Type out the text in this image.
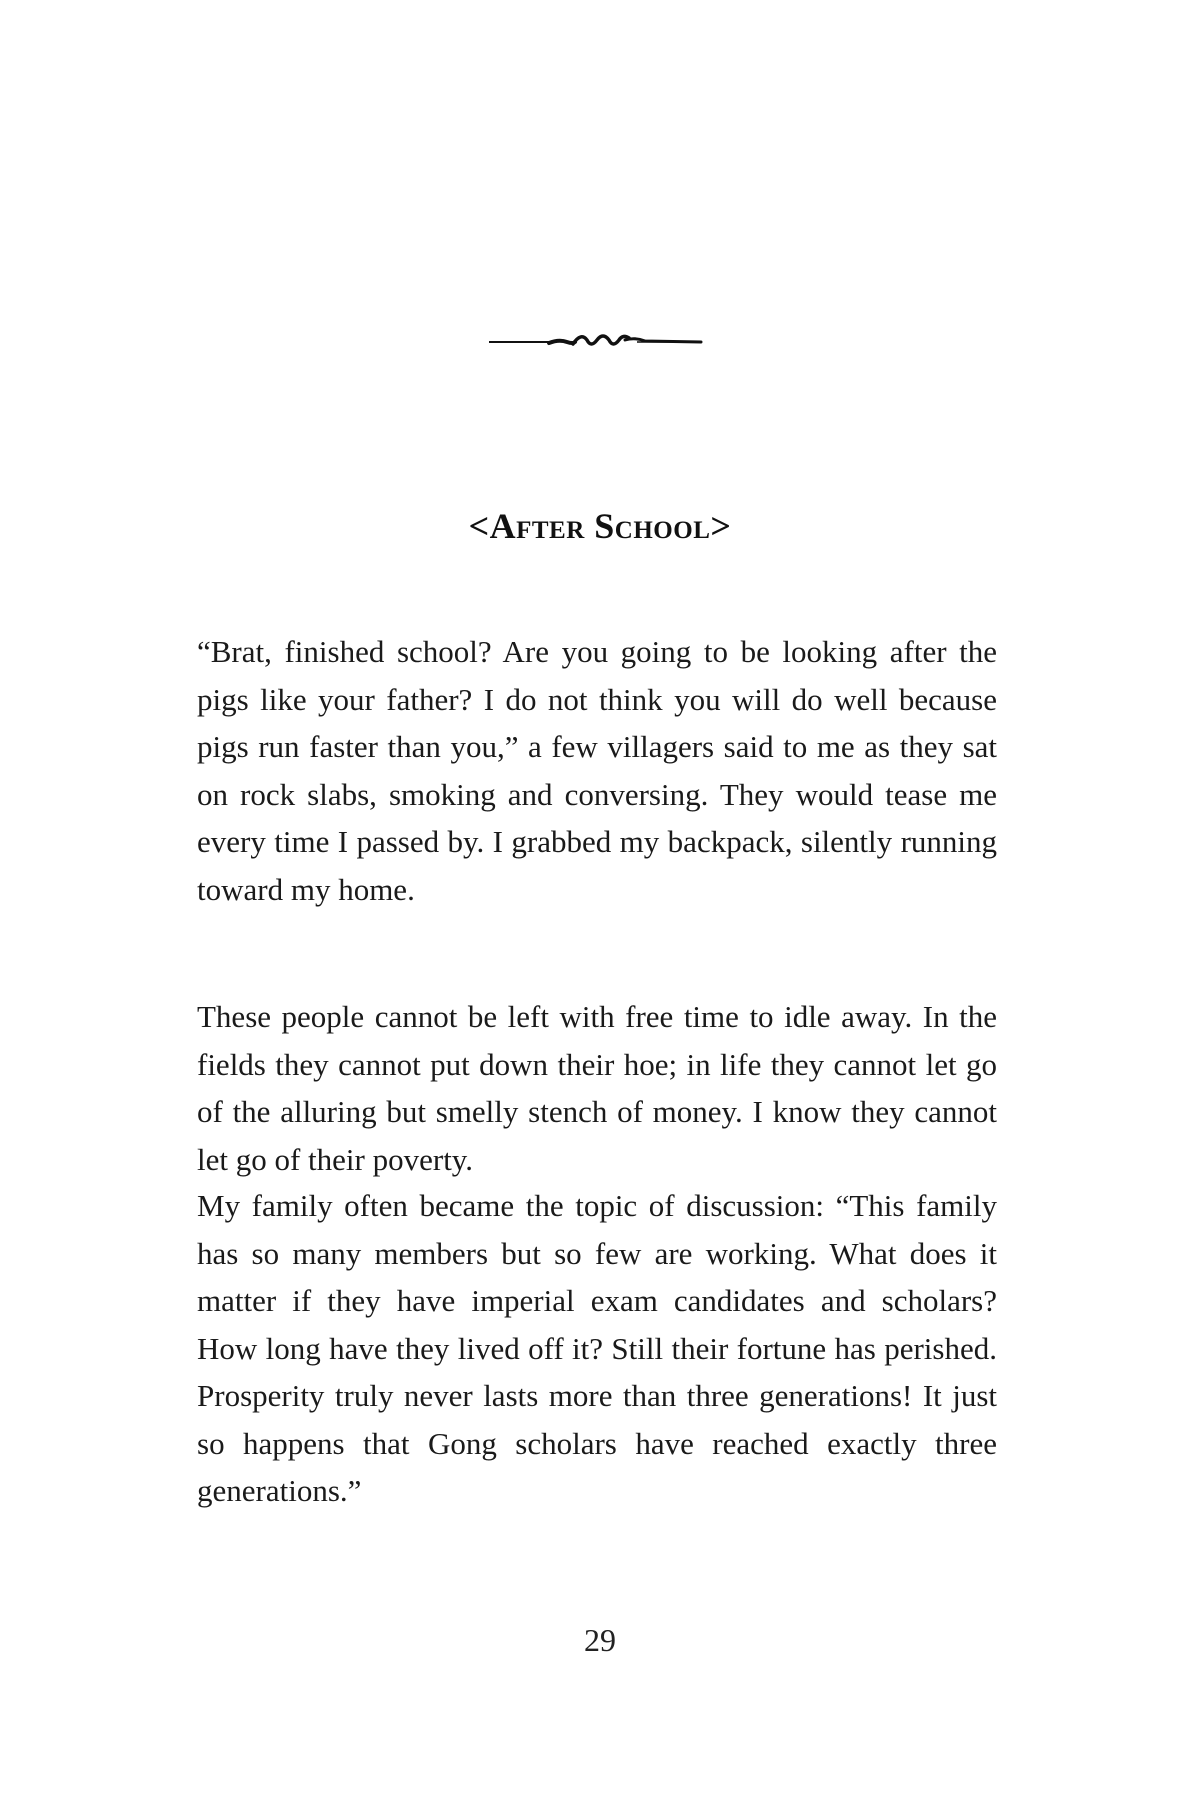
<After School>

“Brat, finished school? Are you going to be looking after the pigs like your father? I do not think you will do well because pigs run faster than you,” a few villagers said to me as they sat on rock slabs, smoking and conversing. They would tease me every time I passed by. I grabbed my backpack, silently running toward my home.

These people cannot be left with free time to idle away. In the fields they cannot put down their hoe; in life they cannot let go of the alluring but smelly stench of money. I know they cannot let go of their poverty.

My family often became the topic of discussion: “This family has so many members but so few are working. What does it matter if they have imperial exam candidates and scholars? How long have they lived off it? Still their fortune has perished. Prosperity truly never lasts more than three generations! It just so happens that Gong scholars have reached exactly three generations.”

29
